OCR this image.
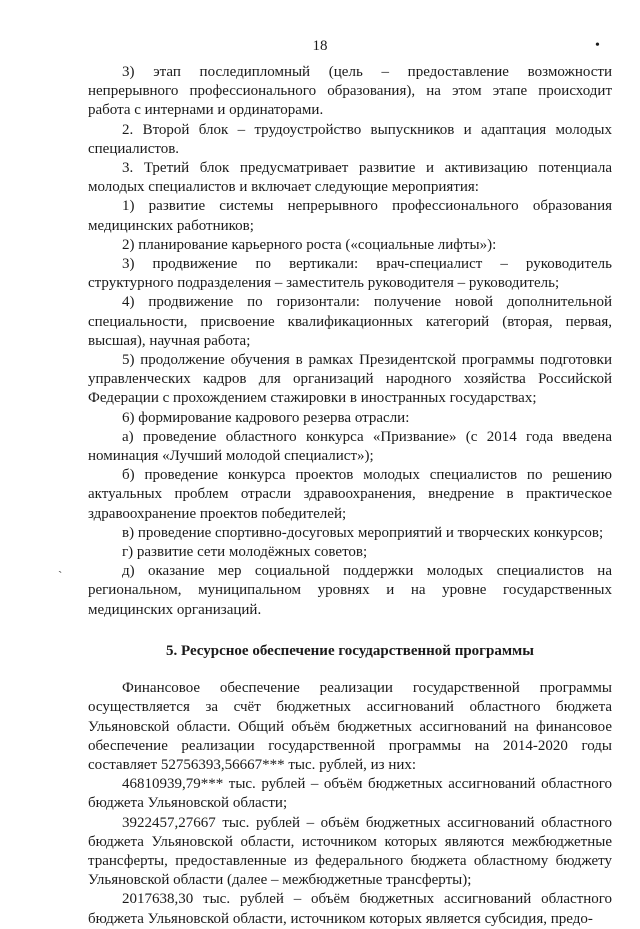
18	•
ˋ

3) этап последипломный (цель – предоставление возможности непрерывного профессионального образования), на этом этапе происходит работа с интернами и ординаторами.

2. Второй блок – трудоустройство выпускников и адаптация молодых специалистов.

3. Третий блок предусматривает развитие и активизацию потенциала молодых специалистов и включает следующие мероприятия:

1) развитие системы непрерывного профессионального образования медицинских работников;

2) планирование карьерного роста («социальные лифты»):

3) продвижение по вертикали: врач-специалист – руководитель структурного подразделения – заместитель руководителя – руководитель;

4) продвижение по горизонтали: получение новой дополнительной специальности, присвоение квалификационных категорий (вторая, первая, высшая), научная работа;

5) продолжение обучения в рамках Президентской программы подготовки управленческих кадров для организаций народного хозяйства Российской Федерации с прохождением стажировки в иностранных государствах;

6) формирование кадрового резерва отрасли:

а) проведение областного конкурса «Призвание» (с 2014 года введена номинация «Лучший молодой специалист»);

б) проведение конкурса проектов молодых специалистов по решению актуальных проблем отрасли здравоохранения, внедрение в практическое здравоохранение проектов победителей;

в) проведение спортивно-досуговых мероприятий и творческих конкурсов;

г) развитие сети молодёжных советов;

д) оказание мер социальной поддержки молодых специалистов на региональном, муниципальном уровнях и на уровне государственных медицинских организаций.

5. Ресурсное обеспечение государственной программы

Финансовое обеспечение реализации государственной программы осуществляется за счёт бюджетных ассигнований областного бюджета Ульяновской области. Общий объём бюджетных ассигнований на финансовое обеспечение реализации государственной программы на 2014-2020 годы составляет 52756393,56667*** тыс. рублей, из них:

46810939,79*** тыс. рублей – объём бюджетных ассигнований областного бюджета Ульяновской области;

3922457,27667 тыс. рублей – объём бюджетных ассигнований областного бюджета Ульяновской области, источником которых являются межбюджетные трансферты, предоставленные из федерального бюджета областному бюджету Ульяновской области (далее – межбюджетные трансферты);

2017638,30 тыс. рублей – объём бюджетных ассигнований областного бюджета Ульяновской области, источником которых является субсидия, предо-
